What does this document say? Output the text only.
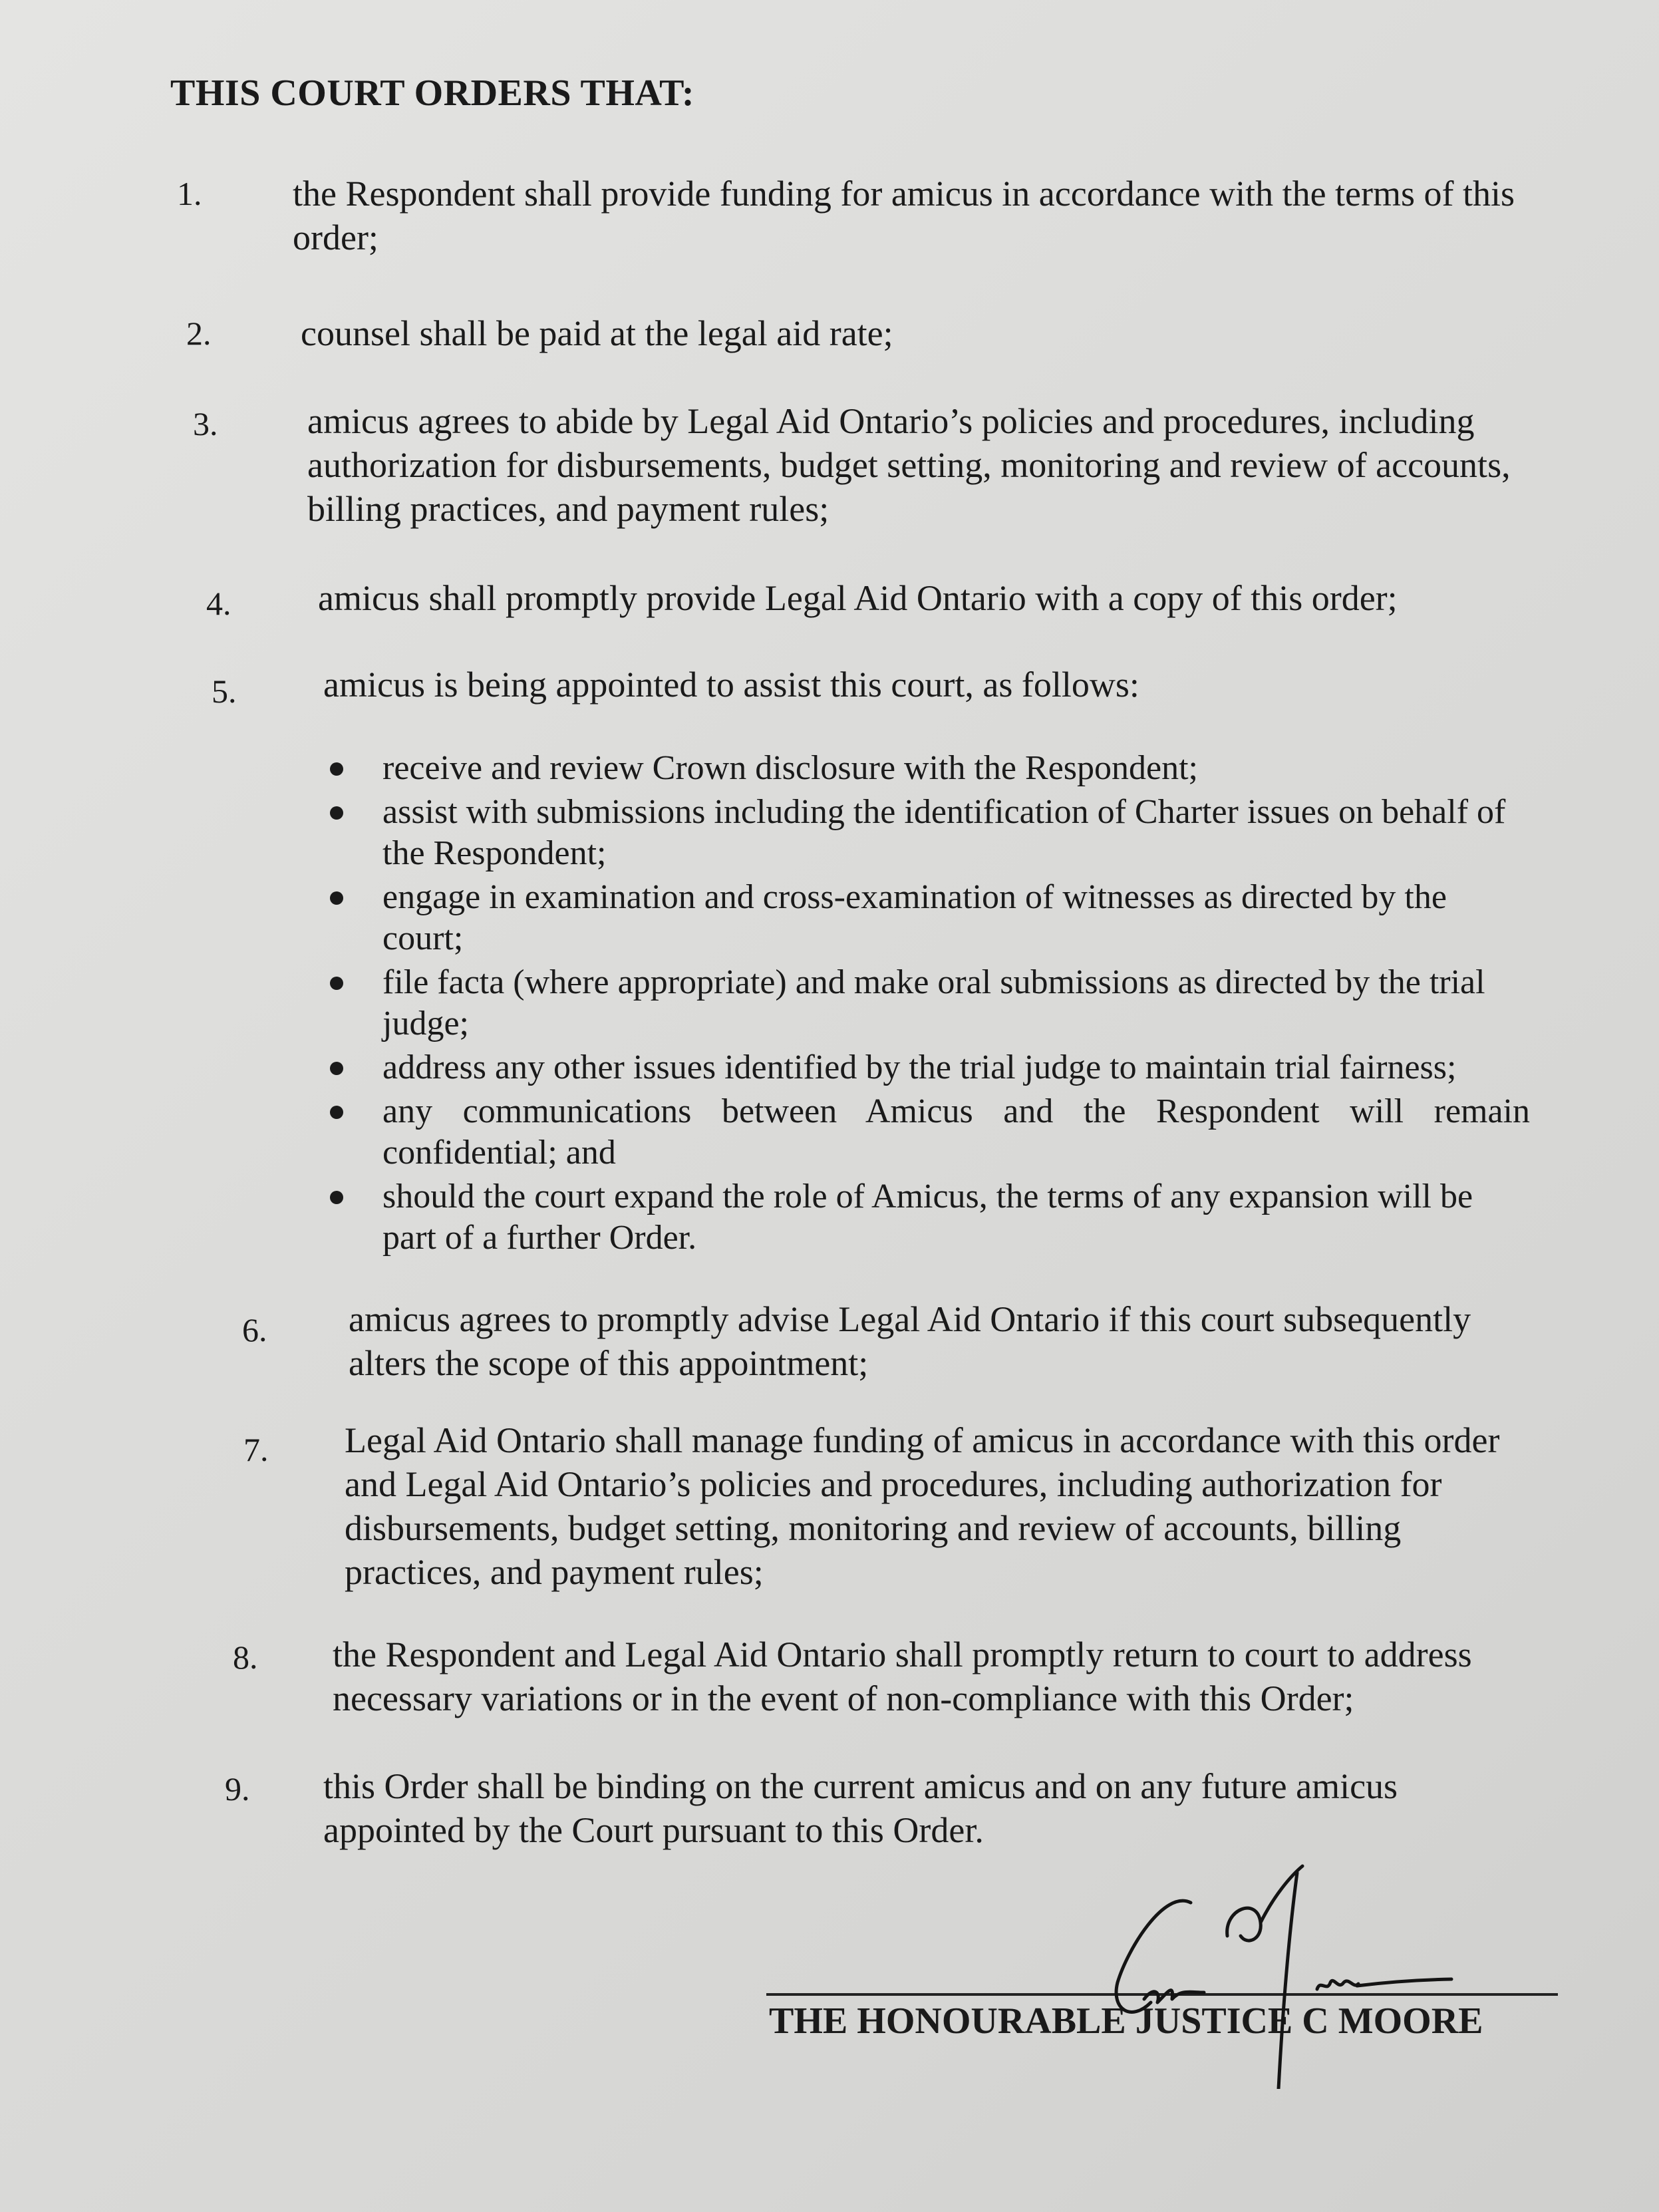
THIS COURT ORDERS THAT:
1.	the Respondent shall provide funding for amicus in accordance with the terms of this order;
2. counsel shall be paid at the legal aid rate;
3. amicus agrees to abide by Legal Aid Ontario’s policies and procedures, including authorization for disbursements, budget setting, monitoring and review of accounts, billing practices, and payment rules;
4. amicus shall promptly provide Legal Aid Ontario with a copy of this order;
5. amicus is being appointed to assist this court, as follows:
receive and review Crown disclosure with the Respondent;
assist with submissions including the identification of Charter issues on behalf of the Respondent;
engage in examination and cross-examination of witnesses as directed by the court;
file facta (where appropriate) and make oral submissions as directed by the trial judge;
address any other issues identified by the trial judge to maintain trial fairness;
any communications between Amicus and the Respondent will remain confidential; and
should the court expand the role of Amicus, the terms of any expansion will be part of a further Order.
6. amicus agrees to promptly advise Legal Aid Ontario if this court subsequently alters the scope of this appointment;
7. Legal Aid Ontario shall manage funding of amicus in accordance with this order and Legal Aid Ontario’s policies and procedures, including authorization for disbursements, budget setting, monitoring and review of accounts, billing practices, and payment rules;
8. the Respondent and Legal Aid Ontario shall promptly return to court to address necessary variations or in the event of non-compliance with this Order;
9. this Order shall be binding on the current amicus and on any future amicus appointed by the Court pursuant to this Order.
THE HONOURABLE JUSTICE C MOORE
